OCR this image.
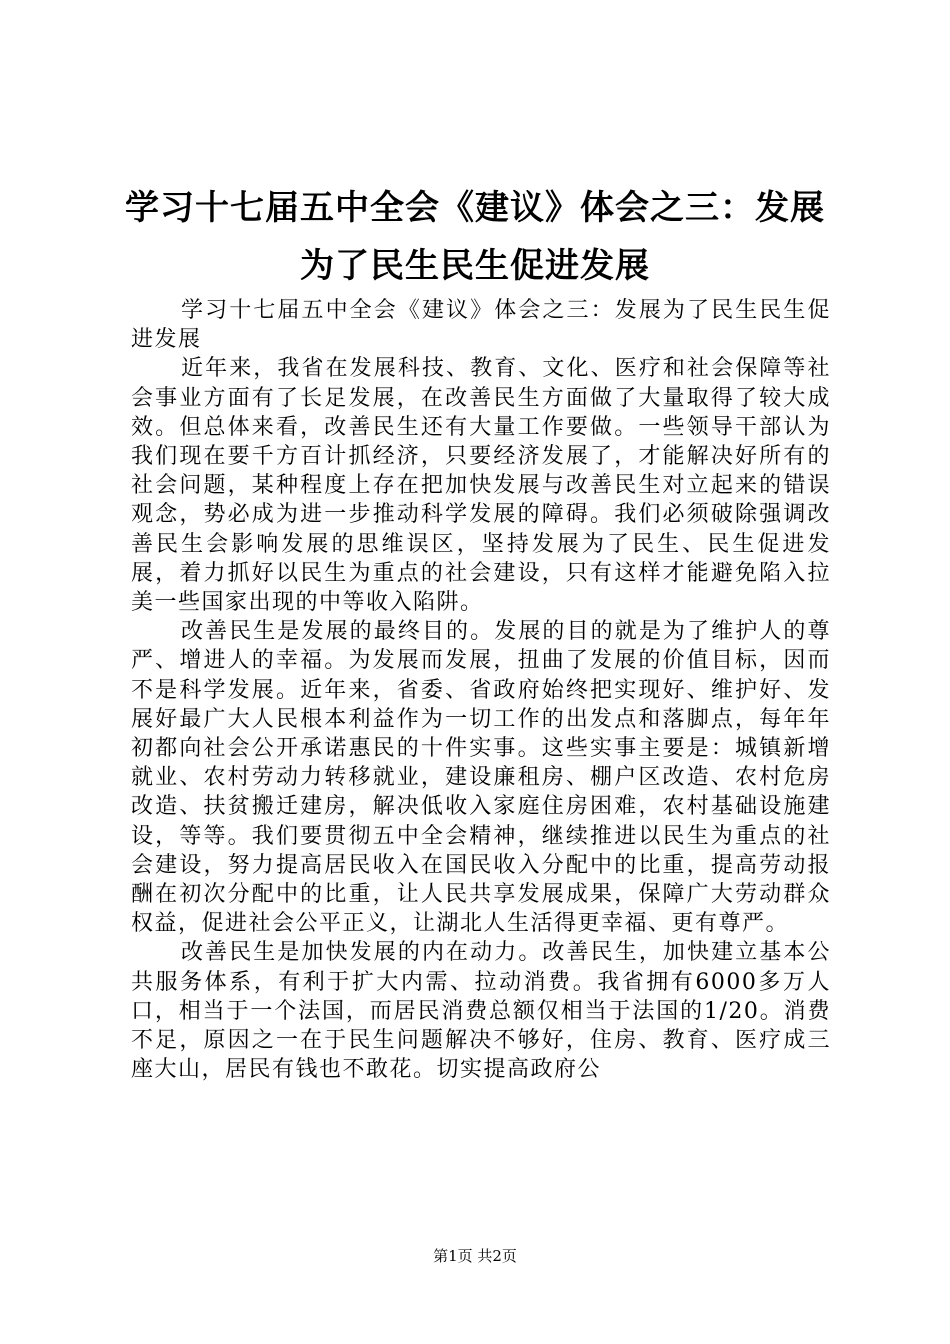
学习十七届五中全会《建议》体会之三：发展
为了民生民生促进发展

学习十七届五中全会《建议》体会之三：发展为了民生民生促进发展

近年来，我省在发展科技、教育、文化、医疗和社会保障等社会事业方面有了长足发展，在改善民生方面做了大量取得了较大成效。但总体来看，改善民生还有大量工作要做。一些领导干部认为我们现在要千方百计抓经济，只要经济发展了，才能解决好所有的社会问题，某种程度上存在把加快发展与改善民生对立起来的错误观念，势必成为进一步推动科学发展的障碍。我们必须破除强调改善民生会影响发展的思维误区，坚持发展为了民生、民生促进发展，着力抓好以民生为重点的社会建设，只有这样才能避免陷入拉美一些国家出现的中等收入陷阱。

改善民生是发展的最终目的。发展的目的就是为了维护人的尊严、增进人的幸福。为发展而发展，扭曲了发展的价值目标，因而不是科学发展。近年来，省委、省政府始终把实现好、维护好、发展好最广大人民根本利益作为一切工作的出发点和落脚点，每年年初都向社会公开承诺惠民的十件实事。这些实事主要是：城镇新增就业、农村劳动力转移就业，建设廉租房、棚户区改造、农村危房改造、扶贫搬迁建房，解决低收入家庭住房困难，农村基础设施建设，等等。我们要贯彻五中全会精神，继续推进以民生为重点的社会建设，努力提高居民收入在国民收入分配中的比重，提高劳动报酬在初次分配中的比重，让人民共享发展成果，保障广大劳动群众权益，促进社会公平正义，让湖北人生活得更幸福、更有尊严。

改善民生是加快发展的内在动力。改善民生，加快建立基本公共服务体系，有利于扩大内需、拉动消费。我省拥有6000多万人口，相当于一个法国，而居民消费总额仅相当于法国的1/20。消费不足，原因之一在于民生问题解决不够好，住房、教育、医疗成三座大山，居民有钱也不敢花。切实提高政府公

第1页 共2页
